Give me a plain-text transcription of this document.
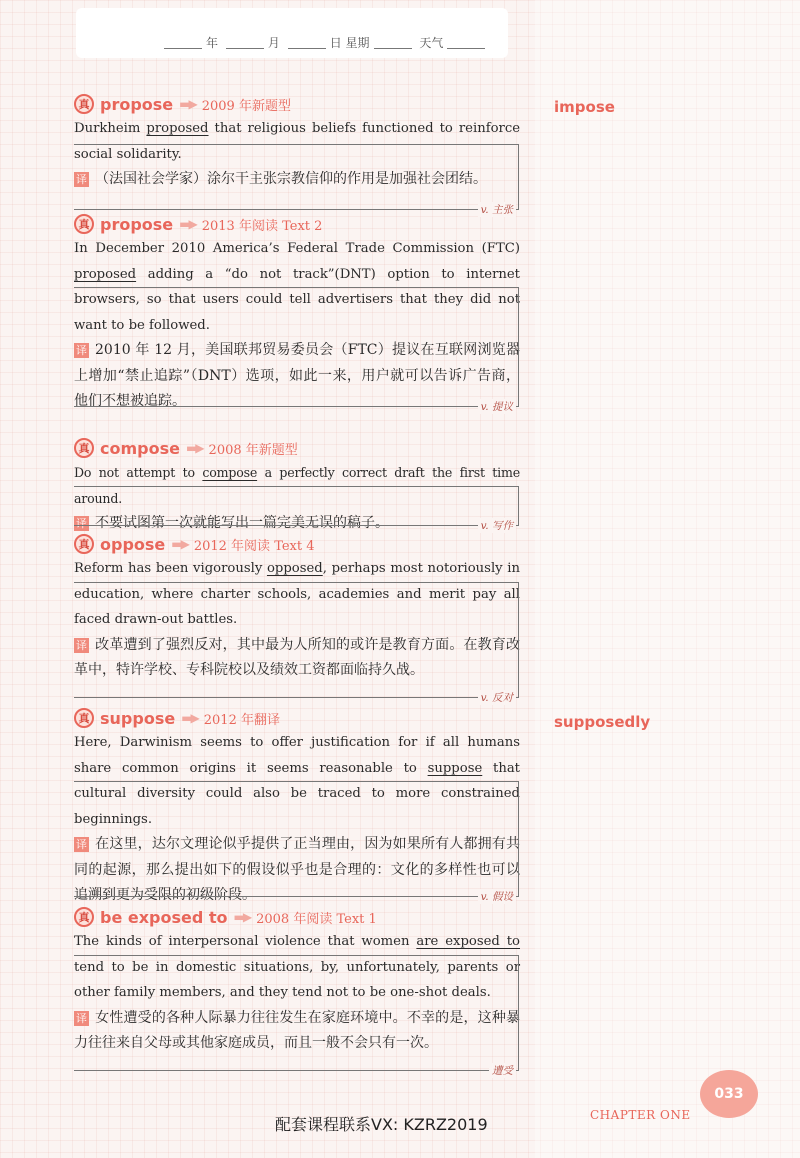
年	月	日 星期	天气
真 propose ▬▶ 2009 年新题型

Durkheim proposed that religious beliefs functioned to reinforce social solidarity.

译 （法国社会学家）涂尔干主张宗教信仰的作用是加强社会团结。

v. 主张
真 propose ▬▶ 2013 年阅读 Text 2

In December 2010 America’s Federal Trade Commission (FTC) proposed adding a “do not track”(DNT) option to internet browsers, so that users could tell advertisers that they did not want to be followed.

译 2010 年 12 月，美国联邦贸易委员会（FTC）提议在互联网浏览器上增加“禁止追踪”（DNT）选项，如此一来，用户就可以告诉广告商，他们不想被追踪。	v. 提议
真 compose ▬▶ 2008 年新题型

Do not attempt to compose a perfectly correct draft the first time around.

译 不要试图第一次就能写出一篇完美无误的稿子。	v. 写作
真 oppose ▬▶ 2012 年阅读 Text 4

Reform has been vigorously opposed, perhaps most notoriously in education, where charter schools, academies and merit pay all faced drawn-out battles.

译 改革遭到了强烈反对，其中最为人所知的或许是教育方面。在教育改革中，特许学校、专科院校以及绩效工资都面临持久战。

v. 反对
真 suppose ▬▶ 2012 年翻译

Here, Darwinism seems to offer justification for if all humans share common origins it seems reasonable to suppose that cultural diversity could also be traced to more constrained beginnings.

译 在这里，达尔文理论似乎提供了正当理由，因为如果所有人都拥有共同的起源，那么提出如下的假设似乎也是合理的：文化的多样性也可以追溯到更为受限的初级阶段。	v. 假设
真 be exposed to ▬▶ 2008 年阅读 Text 1

The kinds of interpersonal violence that women are exposed to tend to be in domestic situations, by, unfortunately, parents or other family members, and they tend not to be one-shot deals.

译 女性遭受的各种人际暴力往往发生在家庭环境中。不幸的是，这种暴力往往来自父母或其他家庭成员，而且一般不会只有一次。

遭受
impose
supposedly
033
CHAPTER ONE
配套课程联系VX: KZRZ2019
